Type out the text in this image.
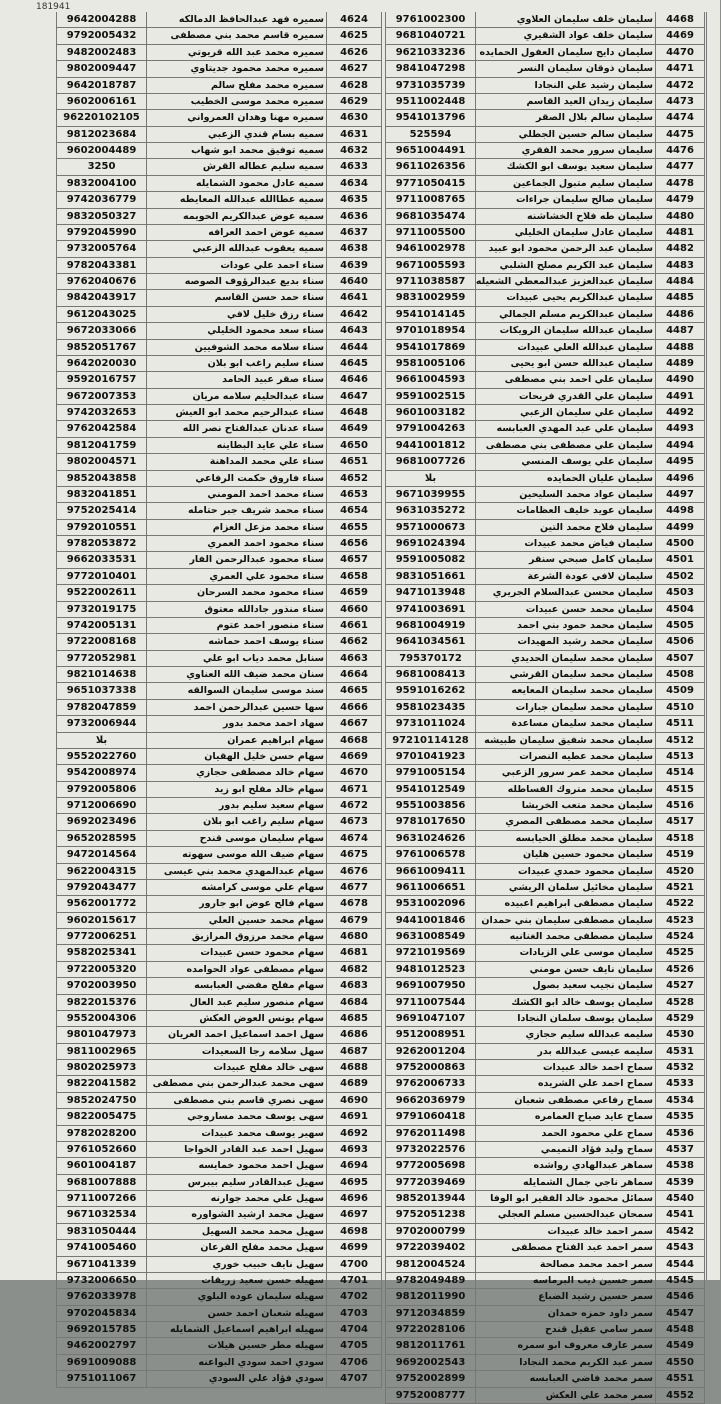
181941
9642004288	سميره فهد عبدالحافظ الدمالكه	4624
9792005432	سميره قاسم محمد بني مصطفى	4625
9482002483	سميره محمد عبد الله قريوتي	4626
9802009447	سميره محمد محمود جديتاوي	4627
9642018787	سميره محمد مفلح سالم	4628
9602006161	سميره محمد موسى الخطيب	4629
96220102105	سميره مهنا وهدان العمرواني	4630
9812023684	سميه بسام قندي الزعبي	4631
9602004489	سميه توفيق محمد ابو شهاب	4632
3250	سميه سليم عطاله القرش	4633
9832004100	سميه عادل محمود الشمايله	4634
9742036779	سميه عطاالله عبدالله المعايطه	4635
9832050327	سميه عوض عبدالكريم الحويمه	4636
9792045990	سميه عوض احمد العرافه	4637
9732005764	سميه يعقوب عبدالله الزعبي	4638
9782043381	سناء احمد علي عودات	4639
9762040676	سناء بديع عبدالرؤوف الصوصه	4640
9842043917	سناء حمد حسن القاسم	4641
9612043025	سناء رزق خليل لافي	4642
9672033066	سناء سعد محمود الخليلي	4643
9852051767	سناء سلامه محمد الشوفيين	4644
9642020030	سناء سليم راغب ابو بلان	4645
9592016757	سناء صقر عبيد الحامد	4646
9672007353	سناء عبدالحليم سلامه مريان	4647
9742032653	سناء عبدالرحيم محمد ابو العيش	4648
9762042584	سناء عدنان عبدالفتاح نصر الله	4649
9812041759	سناء علي عايد البطاينه	4650
9802004571	سناء علي محمد المداهنة	4651
9852043858	سناء فاروق حكمت الرفاعي	4652
9832041851	سناء محمد احمد المومني	4653
9752025414	سناء محمد شريف جبر حتامله	4654
9792010551	سناء محمد مزعل العزام	4655
9782053872	سناء محمود احمد العمري	4656
9662033531	سناء محمود عبدالرحمن الفار	4657
9772010401	سناء محمود علي العمري	4658
9522002611	سناء محمود محمد السرحان	4659
9732019175	سناء منذور جادالله معتوق	4660
9742005131	سناء منصور احمد عتوم	4661
9722008168	سناء يوسف احمد حماشه	4662
9772052981	سنابل محمد دياب ابو علي	4663
9821014638	سنان محمد ضيف الله العناوي	4664
9651037338	سند موسى سليمان السوالقه	4665
9782047859	سها حسين عبدالرحمن احمد	4666
9732006944	سهاد احمد محمد بدور	4667
بلا	سهام ابراهيم عمران	4668
9552022760	سهام حسن خليل الهقيان	4669
9542008974	سهام خالد مصطفى حجازي	4670
9792005806	سهام خالد مفلح ابو زيد	4671
9712006690	سهام سعيد سليم بدور	4672
9692023496	سهام سليم راغب ابو بلان	4673
9652028595	سهام سليمان موسى قندح	4674
9472014564	سهام ضيف الله موسى سهوته	4675
9622004315	سهام عبدالمهدي محمد بني عيسى	4676
9792043477	سهام علي موسى كرامشه	4677
9562001772	سهام فالح عوض ابو جارور	4678
9602015617	سهام محمد حسين العلي	4679
9772006251	سهام محمد مرزوق المرازيق	4680
9582025341	سهام محمود حسن عبيدات	4681
9722005320	سهام مصطفى عواد الحوامده	4682
9702003950	سهام مفلح مفضي العبابسه	4683
9822015376	سهام منصور سليم عبد العال	4684
9552004306	سهام يونس العوض العكش	4685
9801047973	سهل احمد اسماعيل احمد العريان	4686
9811002965	سهل سلامه رجا السعيدات	4687
9802025973	سهى خالد مفلح عبيدات	4688
9822041582	سهى محمد عبدالرحمن بني مصطفى	4689
9852024750	سهى نصري قاسم بني مصطفى	4690
9822005475	سهى يوسف محمد مساروجي	4691
9782028200	سهير يوسف محمد عبيدات	4692
9761052660	سهيل احمد عبد القادر الخواجا	4693
9601004187	سهيل احمد محمود خمايسه	4694
9681007888	سهيل عبدالقادر سليم بيبرس	4695
9711007266	سهيل علي محمد جوارنه	4696
9671032534	سهيل محمد ارشيد الشواوره	4697
9831050444	سهيل محمد محمد السهيل	4698
9741005460	سهيل محمد مفلح الفرعان	4699
9671041339	سهيل نايف حبيب خوري	4700
9732006650	سهيله حسن سعيد زريقات	4701
9762033978	سهيله سليمان عوده البلوي	4702
9702045834	سهيله شعبان احمد حسن	4703
9692015785	سهيله ابراهيم اسماعيل الشمايله	4704
9462002797	سهيله مطر حسين هيلات	4705
9691009088	سودي احمد سودي البواعنه	4706
9751011067	سودي فؤاد علي السودي	4707
9761002300	سليمان خلف سليمان العلاوي	4468
9681040721	سليمان خلف عواد الشقيري	4469
9621033236	سليمان دايج سليمان العفول الحمايده	4470
9841047298	سليمان ذوقان سليمان النسر	4471
9731035739	سليمان رشيد علي النجادا	4472
9511002448	سليمان زيدان العيد القاسم	4473
9541013796	سليمان سالم بلال الصقر	4474
525594	سليمان سالم حسين الجطلي	4475
9651004491	سليمان سرور محمد الفقري	4476
9611026356	سليمان سعيد يوسف ابو الكشك	4477
9771050415	سليمان سليم متبول الجماعين	4478
9711008765	سليمان صالح سليمان جراءات	4479
9681035474	سليمان طه فلاح الخشاشنه	4480
9711005500	سليمان عادل سليمان الخليلي	4481
9461002978	سليمان عبد الرحمن محمود ابو عبيد	4482
9671005593	سليمان عبد الكريم مصلح الشلبي	4483
9711038587	سليمان عبدالعزيز عبدالمعطي الشعيله	4484
9831002959	سليمان عبدالكريم يحيى عبيدات	4485
9541014145	سليمان عبدالكريم مسلم الجمالي	4486
9701018954	سليمان عبدالله سليمان الرويكات	4487
9541017869	سليمان عبدالله العلي عبيدات	4488
9581005106	سليمان عبدالله حسن ابو يحيى	4489
9661004593	سليمان علي احمد بني مصطفى	4490
9591002515	سليمان علي القدري فريحات	4491
9601003182	سليمان علي سليمان الزعبي	4492
9791004263	سليمان علي عبد المهدي العبابسه	4493
9441001812	سليمان علي مصطفى بني مصطفى	4494
9681007726	سليمان علي يوسف المنسي	4495
بلا	سليمان عليان الحمايده	4496
9671039955	سليمان عواد محمد السليحين	4497
9631035272	سليمان عويد خليف العظامات	4498
9571000673	سليمان فلاح محمد التين	4499
9691024394	سليمان فياض محمد عبيدات	4500
9591005082	سليمان كامل صبحي سنقر	4501
9831051661	سليمان لافي عودة الشرعة	4502
9471013948	سليمان محسن عبدالسلام الجريري	4503
9741003691	سليمان محمد حسن عبيدات	4504
9681004919	سليمان محمد حمود بني احمد	4505
9641034561	سليمان محمد رشيد المهيدات	4506
795370172	سليمان محمد سليمان الحديدي	4507
9681008413	سليمان محمد سليمان القرشي	4508
9591016262	سليمان محمد سليمان المعايعه	4509
9581023435	سليمان محمد سليمان جبارات	4510
9731011024	سليمان محمد سليمان مساعدة	4511
97210114128	سليمان محمد شفيق سليمان طبيشه	4512
9701041923	سليمان محمد عطيه النصرات	4513
9791005154	سليمان محمد عمر سرور الزعبي	4514
9541012549	سليمان محمد متروك الفساطله	4515
9551003856	سليمان محمد متعب الخريشا	4516
9781017650	سليمان محمد مصطفى المصري	4517
9631024626	سليمان محمد مطلق الحيابسه	4518
9761006578	سليمان محمود حسين هليان	4519
9661009411	سليمان محمود حمدي عبيدات	4520
9611006651	سليمان مخائيل سلمان الريشي	4521
9531002096	سليمان مصطفى ابراهيم اعبيده	4522
9441001846	سليمان مصطفى سليمان بني حمدان	4523
9631008549	سليمان مصطفى محمد الغنانيه	4524
9721019569	سليمان موسى علي الزيادات	4525
9481012523	سليمان نايف حسن مومني	4526
9691007950	سليمان نجيب سعيد بصول	4527
9711007544	سليمان يوسف خالد ابو الكشك	4528
9691047107	سليمان يوسف سلمان النجادا	4529
9512008951	سليمه عبدالله سليم حجازي	4530
9262001204	سليمه عيسى عبدالله بدر	4531
9752000863	سماح احمد خالد عبيدات	4532
9762006733	سماح احمد علي الشريده	4533
9662036979	سماح رفاعي مصطفى شعبان	4534
9791060418	سماح عايد صياح العمامره	4535
9762011498	سماح علي محمود الحمد	4536
9732022576	سماح وليد فؤاد التميمي	4537
9772005698	سماهر عبدالهادي رواشده	4538
9772039469	سماهر ناجي جمال الشمايله	4539
9852013944	سمائل محمود خالد الفقير ابو الوفا	4540
9752051238	سمحان عبدالحسين مسلم العجلي	4541
9702000799	سمر احمد خالد عبيدات	4542
9722039402	سمر احمد عبد الفتاح مصطفى	4543
9812004524	سمر احمد محمد مصالحة	4544
9782049489	سمر حسين ذيب البرماسه	4545
9812011990	سمر حسين رشيد الضباع	4546
9712034859	سمر داود حمزه حمدان	4547
9722028106	سمر سامي عقيل قندح	4548
9812011761	سمر عارف معروف ابو سمره	4549
9692002543	سمر عبد الكريم محمد النجادا	4550
9752002899	سمر محمد فاضي العبابسه	4551
9752008777	سمر محمد علي العكش	4552
